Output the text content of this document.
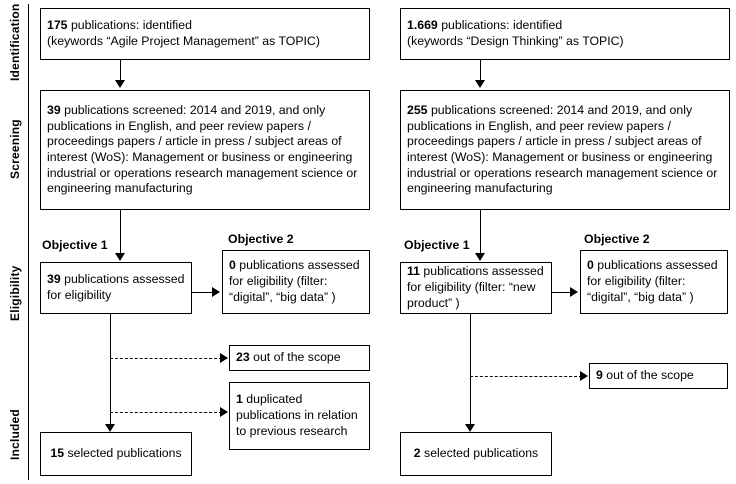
Identification
Screening
Eligibility
Included
175 publications: identified
(keywords “Agile Project Management” as TOPIC)
39 publications screened: 2014 and 2019, and only publications in English, and peer review papers / proceedings papers / article in press / subject areas of interest (WoS): Management or business or engineering industrial or operations research management science or engineering manufacturing
Objective 1	Objective 2
39 publications assessed for eligibility
0 publications assessed for eligibility (filter: “digital”, “big data” )
23 out of the scope
1 duplicated publications in relation to previous research
15 selected publications
1.669 publications: identified
(keywords “Design Thinking” as TOPIC)
255 publications screened: 2014 and 2019, and only publications in English, and peer review papers / proceedings papers / article in press / subject areas of interest (WoS): Management or business or engineering industrial or operations research management science or engineering manufacturing
Objective 1	Objective 2
11 publications assessed for eligibility (filter: “new product” )
0 publications assessed for eligibility (filter: “digital”, “big data” )
9 out of the scope
2 selected publications
